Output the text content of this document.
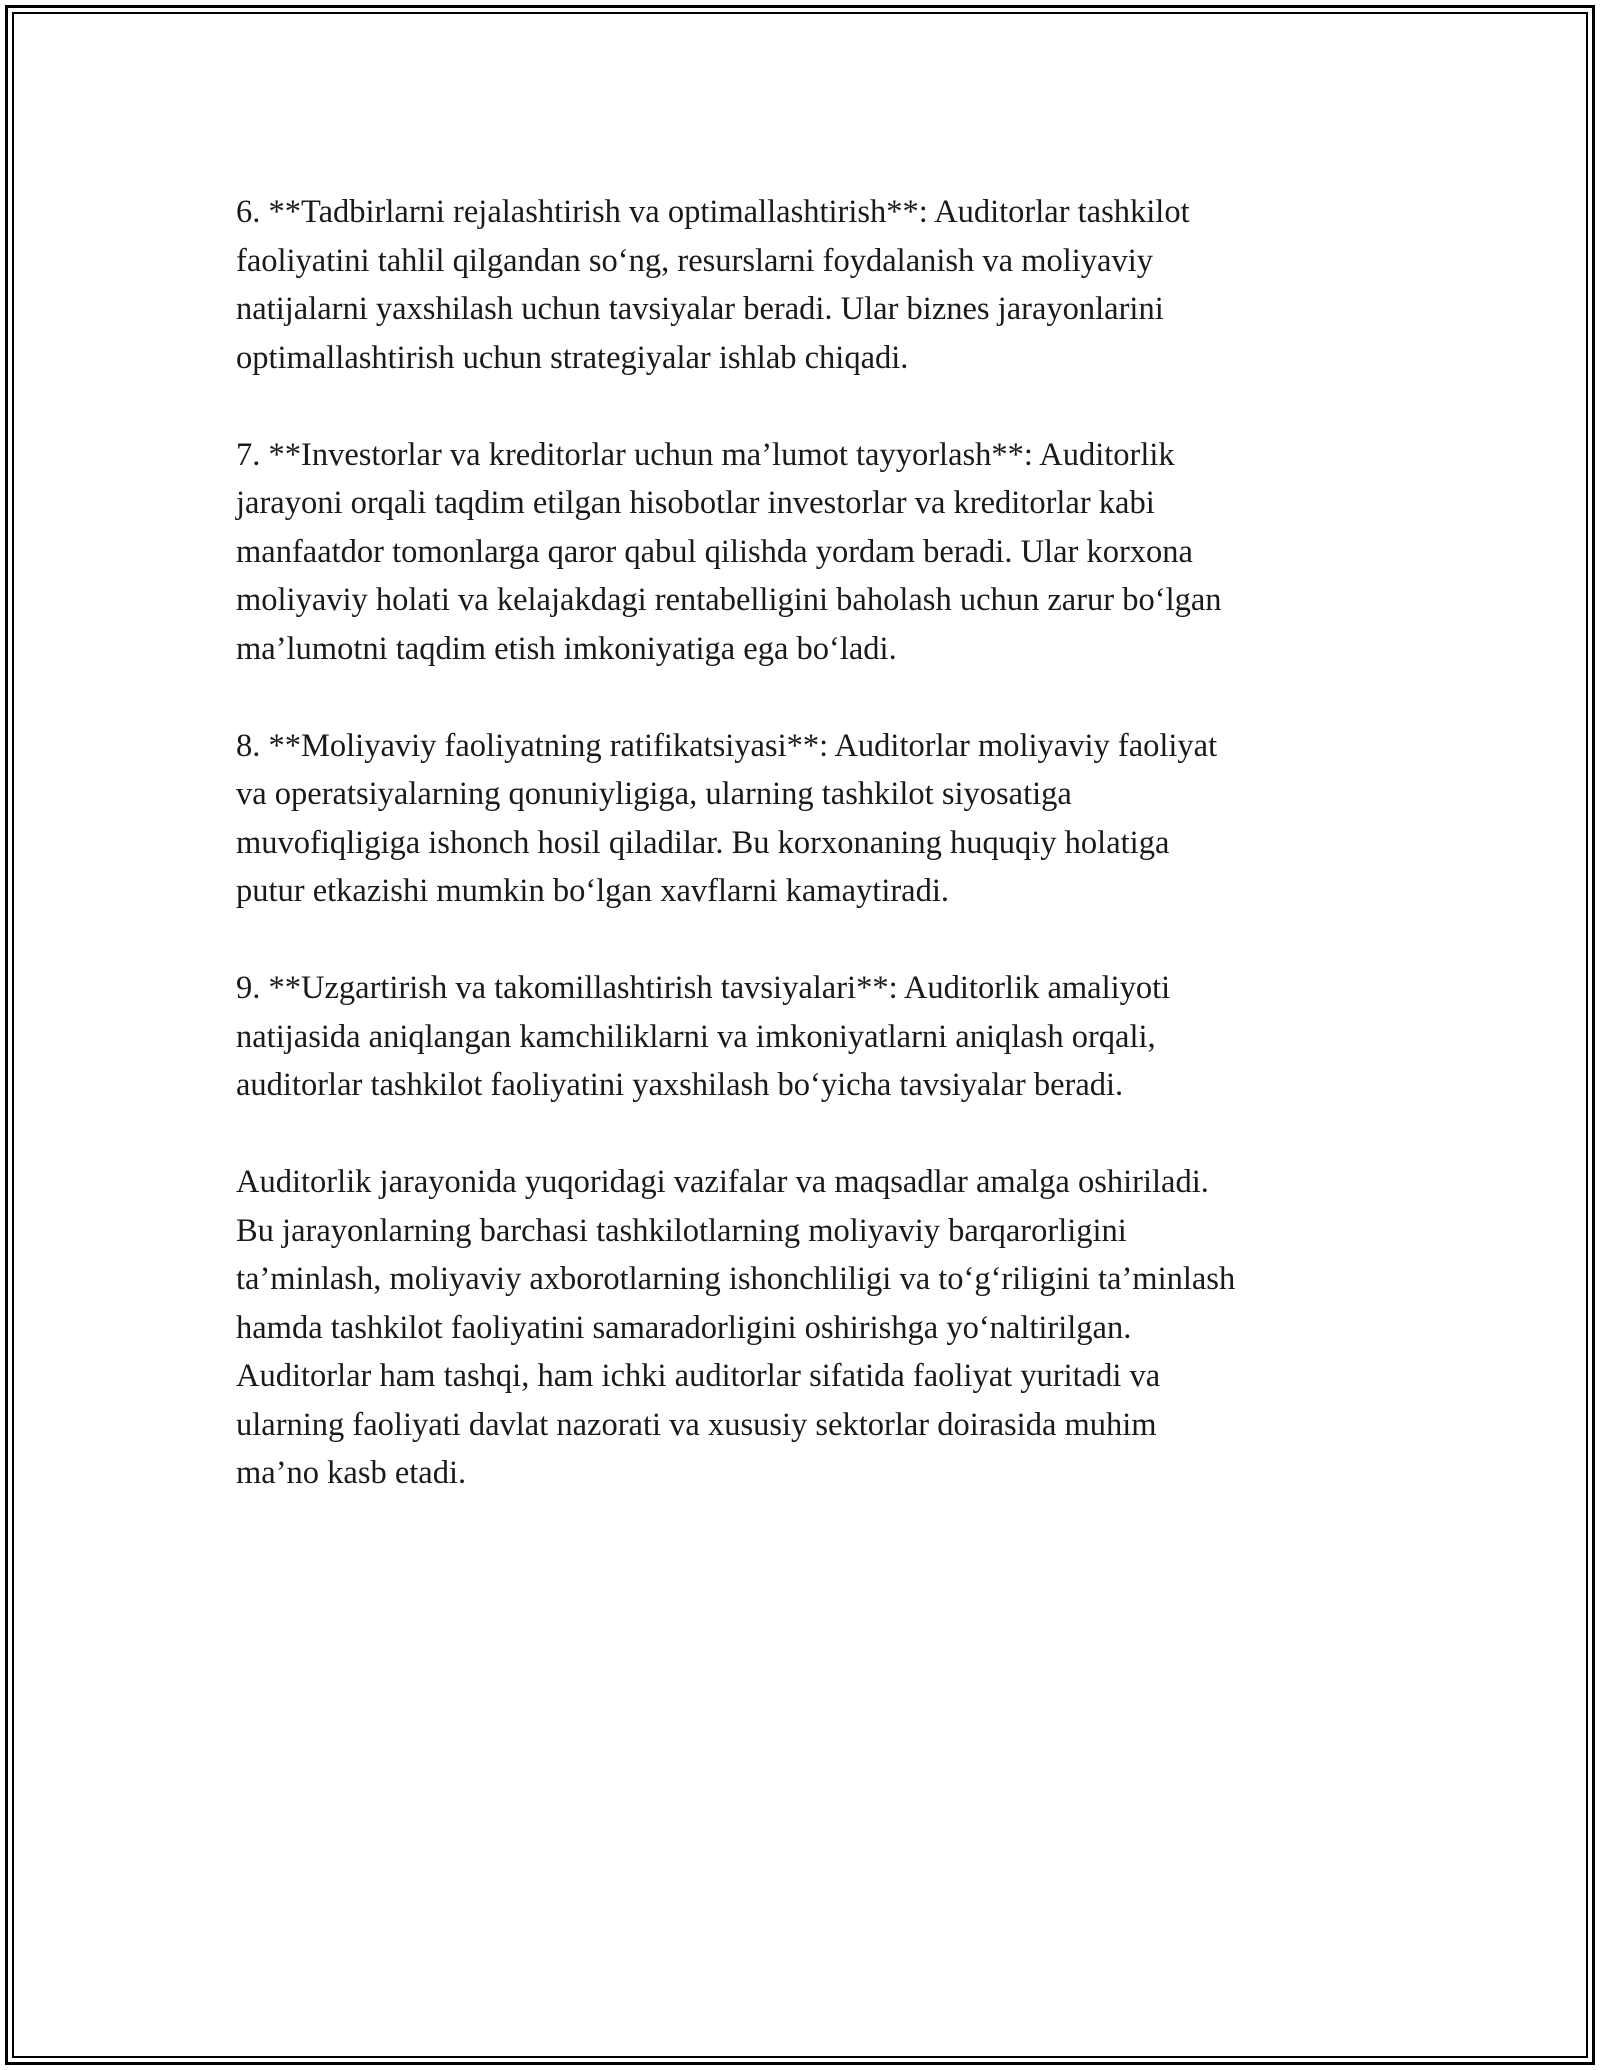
6. **Tadbirlarni rejalashtirish va optimallashtirish**: Auditorlar tashkilot
faoliyatini tahlil qilgandan so‘ng, resurslarni foydalanish va moliyaviy
natijalarni yaxshilash uchun tavsiyalar beradi. Ular biznes jarayonlarini
optimallashtirish uchun strategiyalar ishlab chiqadi.

7. **Investorlar va kreditorlar uchun ma’lumot tayyorlash**: Auditorlik
jarayoni orqali taqdim etilgan hisobotlar investorlar va kreditorlar kabi
manfaatdor tomonlarga qaror qabul qilishda yordam beradi. Ular korxona
moliyaviy holati va kelajakdagi rentabelligini baholash uchun zarur bo‘lgan
ma’lumotni taqdim etish imkoniyatiga ega bo‘ladi.

8. **Moliyaviy faoliyatning ratifikatsiyasi**: Auditorlar moliyaviy faoliyat
va operatsiyalarning qonuniyligiga, ularning tashkilot siyosatiga
muvofiqligiga ishonch hosil qiladilar. Bu korxonaning huquqiy holatiga
putur etkazishi mumkin bo‘lgan xavflarni kamaytiradi.

9. **Uzgartirish va takomillashtirish tavsiyalari**: Auditorlik amaliyoti
natijasida aniqlangan kamchiliklarni va imkoniyatlarni aniqlash orqali,
auditorlar tashkilot faoliyatini yaxshilash bo‘yicha tavsiyalar beradi.

Auditorlik jarayonida yuqoridagi vazifalar va maqsadlar amalga oshiriladi.
Bu jarayonlarning barchasi tashkilotlarning moliyaviy barqarorligini
ta’minlash, moliyaviy axborotlarning ishonchliligi va to‘g‘riligini ta’minlash
hamda tashkilot faoliyatini samaradorligini oshirishga yo‘naltirilgan.
Auditorlar ham tashqi, ham ichki auditorlar sifatida faoliyat yuritadi va
ularning faoliyati davlat nazorati va xususiy sektorlar doirasida muhim
ma’no kasb etadi.
